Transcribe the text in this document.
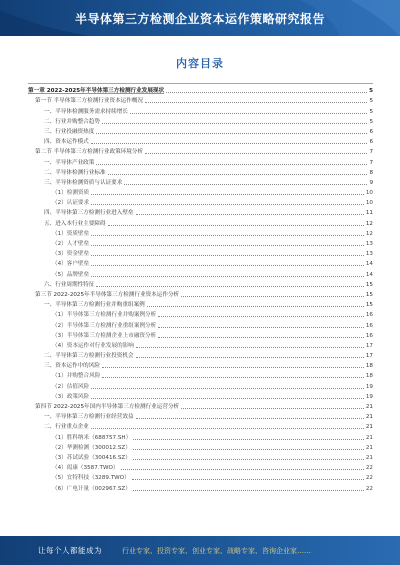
半导体第三方检测企业资本运作策略研究报告
内容目录
第一章 2022-2025年半导体第三方检测行业发展现状	5
第一节 半导体第三方检测行业资本运作概况	5
一、半导体检测服务需求持续增长	5
二、行业并购整合趋势	5
三、行业投融资热度	6
四、资本运作模式	6
第二节 半导体第三方检测行业政策环境分析	7
一、半导体产业政策	7
二、半导体检测行业标准	8
三、半导体检测资质与认证要求	9
（1）检测资质	10
（2）认证要求	10
四、半导体第三方检测行业进入壁垒	11
五、进入本行业主要障碍	12
（1）资质壁垒	12
（2）人才壁垒	13
（3）资金壁垒	13
（4）客户壁垒	14
（5）品牌壁垒	14
六、行业周期性特征	15
第三节 2022-2025年半导体第三方检测行业资本运作分析	15
一、半导体第三方检测行业并购重组案例	15
（1）半导体第三方检测行业并购案例分析	16
（2）半导体第三方检测行业重组案例分析	16
（3）半导体第三方检测企业上市融资分析	16
（4）资本运作对行业发展的影响	17
二、半导体第三方检测行业投资机会	17
三、资本运作中的风险	18
（1）并购整合风险	18
（2）估值风险	19
（3）政策风险	19
第四节 2022-2025年国内半导体第三方检测行业运营分析	21
一、半导体第三方检测行业经营效益	21
二、行业重点企业	21
（1）胜科纳米（688757.SH）	21
（2）华测检测（300012.SZ）	21
（3）苏试试验（300416.SZ）	21
（4）闳康（3587.TWO）	22
（5）宜特科技（3289.TWO）	22
（6）广电计量（002967.SZ）	22
让每个人都能成为	行业专家、投资专家、创业专家、战略专家、咨询企业家……
